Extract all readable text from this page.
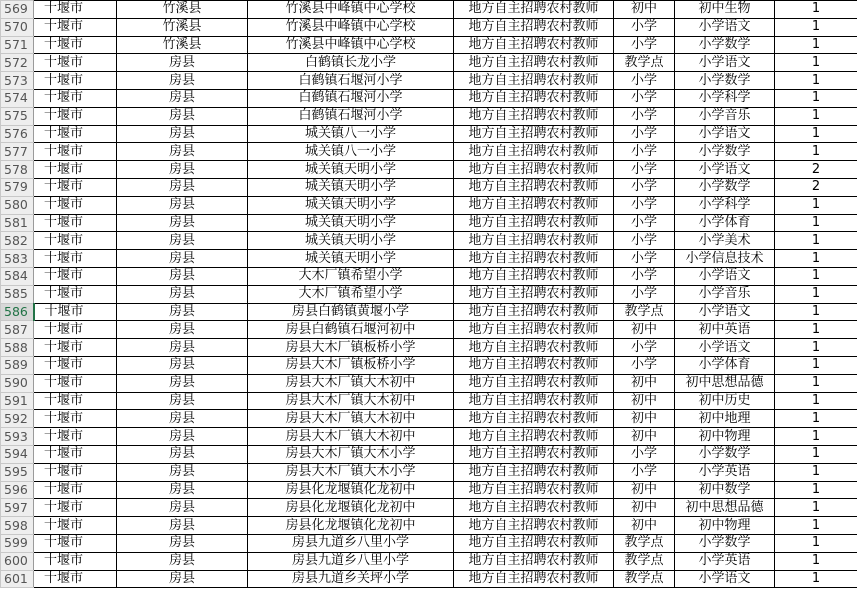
569	十堰市	竹溪县	竹溪县中峰镇中心学校	地方自主招聘农村教师	初中	初中生物	1
570	十堰市	竹溪县	竹溪县中峰镇中心学校	地方自主招聘农村教师	小学	小学语文	1
571	十堰市	竹溪县	竹溪县中峰镇中心学校	地方自主招聘农村教师	小学	小学数学	1
572	十堰市	房县	白鹤镇长龙小学	地方自主招聘农村教师	教学点	小学语文	1
573	十堰市	房县	白鹤镇石堰河小学	地方自主招聘农村教师	小学	小学数学	1
574	十堰市	房县	白鹤镇石堰河小学	地方自主招聘农村教师	小学	小学科学	1
575	十堰市	房县	白鹤镇石堰河小学	地方自主招聘农村教师	小学	小学音乐	1
576	十堰市	房县	城关镇八一小学	地方自主招聘农村教师	小学	小学语文	1
577	十堰市	房县	城关镇八一小学	地方自主招聘农村教师	小学	小学数学	1
578	十堰市	房县	城关镇天明小学	地方自主招聘农村教师	小学	小学语文	2
579	十堰市	房县	城关镇天明小学	地方自主招聘农村教师	小学	小学数学	2
580	十堰市	房县	城关镇天明小学	地方自主招聘农村教师	小学	小学科学	1
581	十堰市	房县	城关镇天明小学	地方自主招聘农村教师	小学	小学体育	1
582	十堰市	房县	城关镇天明小学	地方自主招聘农村教师	小学	小学美术	1
583	十堰市	房县	城关镇天明小学	地方自主招聘农村教师	小学	小学信息技术	1
584	十堰市	房县	大木厂镇希望小学	地方自主招聘农村教师	小学	小学语文	1
585	十堰市	房县	大木厂镇希望小学	地方自主招聘农村教师	小学	小学音乐	1
586	十堰市	房县	房县白鹤镇黄堰小学	地方自主招聘农村教师	教学点	小学语文	1
587	十堰市	房县	房县白鹤镇石堰河初中	地方自主招聘农村教师	初中	初中英语	1
588	十堰市	房县	房县大木厂镇板桥小学	地方自主招聘农村教师	小学	小学语文	1
589	十堰市	房县	房县大木厂镇板桥小学	地方自主招聘农村教师	小学	小学体育	1
590	十堰市	房县	房县大木厂镇大木初中	地方自主招聘农村教师	初中	初中思想品德	1
591	十堰市	房县	房县大木厂镇大木初中	地方自主招聘农村教师	初中	初中历史	1
592	十堰市	房县	房县大木厂镇大木初中	地方自主招聘农村教师	初中	初中地理	1
593	十堰市	房县	房县大木厂镇大木初中	地方自主招聘农村教师	初中	初中物理	1
594	十堰市	房县	房县大木厂镇大木小学	地方自主招聘农村教师	小学	小学数学	1
595	十堰市	房县	房县大木厂镇大木小学	地方自主招聘农村教师	小学	小学英语	1
596	十堰市	房县	房县化龙堰镇化龙初中	地方自主招聘农村教师	初中	初中数学	1
597	十堰市	房县	房县化龙堰镇化龙初中	地方自主招聘农村教师	初中	初中思想品德	1
598	十堰市	房县	房县化龙堰镇化龙初中	地方自主招聘农村教师	初中	初中物理	1
599	十堰市	房县	房县九道乡八里小学	地方自主招聘农村教师	教学点	小学数学	1
600	十堰市	房县	房县九道乡八里小学	地方自主招聘农村教师	教学点	小学英语	1
601	十堰市	房县	房县九道乡关坪小学	地方自主招聘农村教师	教学点	小学语文	1
